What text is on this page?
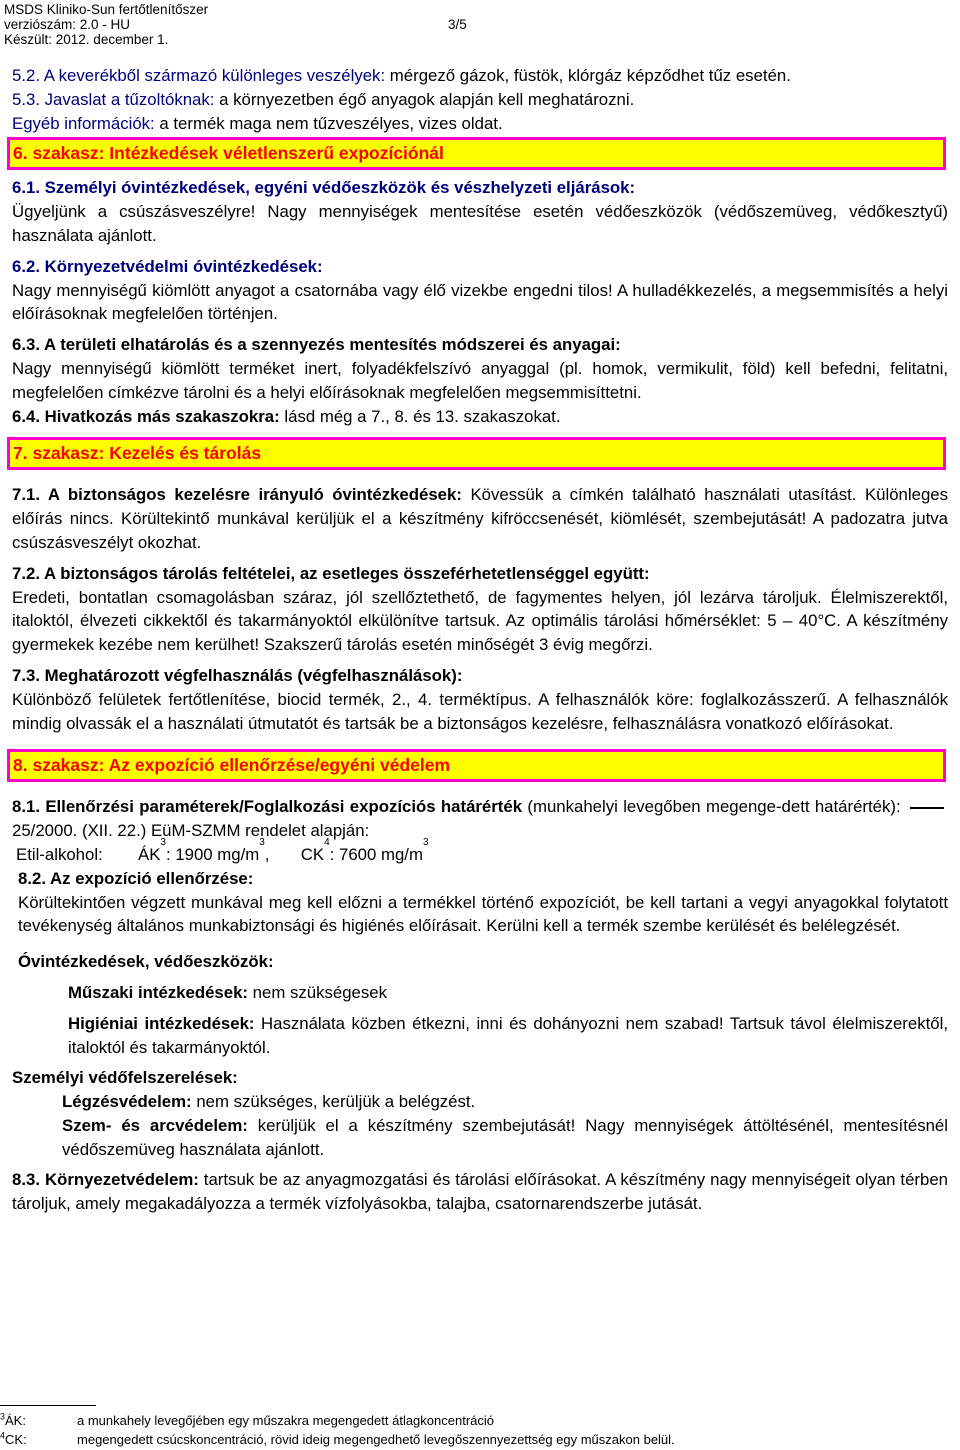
MSDS Kliniko-Sun fertőtlenítőszer
verziószám: 2.0 - HU
Készült: 2012. december 1.
3/5

5.2. A keverékből származó különleges veszélyek: mérgező gázok, füstök, klórgáz képződhet tűz esetén.

5.3. Javaslat a tűzoltóknak: a környezetben égő anyagok alapján kell meghatározni.

Egyéb információk: a termék maga nem tűzveszélyes, vizes oldat.

6. szakasz: Intézkedések véletlenszerű expozíciónál

6.1. Személyi óvintézkedések, egyéni védőeszközök és vészhelyzeti eljárások:

Ügyeljünk a csúszásveszélyre! Nagy mennyiségek mentesítése esetén védőeszközök (védőszemüveg, védőkesztyű) használata ajánlott.

6.2. Környezetvédelmi óvintézkedések:

Nagy mennyiségű kiömlött anyagot a csatornába vagy élő vizekbe engedni tilos! A hulladékkezelés, a megsemmisítés a helyi előírásoknak megfelelően történjen.

6.3. A területi elhatárolás és a szennyezés mentesítés módszerei és anyagai:

Nagy mennyiségű kiömlött terméket inert, folyadékfelszívó anyaggal (pl. homok, vermikulit, föld) kell befedni, felitatni, megfelelően címkézve tárolni és a helyi előírásoknak megfelelően megsemmisíttetni.

6.4. Hivatkozás más szakaszokra: lásd még a 7., 8. és 13. szakaszokat.

7. szakasz: Kezelés és tárolás

7.1. A biztonságos kezelésre irányuló óvintézkedések: Kövessük a címkén található használati utasítást. Különleges előírás nincs. Körültekintő munkával kerüljük el a készítmény kifröccsenését, kiömlését, szembejutását! A padozatra jutva csúszásveszélyt okozhat.

7.2. A biztonságos tárolás feltételei, az esetleges összeférhetetlenséggel együtt:

Eredeti, bontatlan csomagolásban száraz, jól szellőztethető, de fagymentes helyen, jól lezárva tároljuk. Élelmiszerektől, italoktól, élvezeti cikkektől és takarmányoktól elkülönítve tartsuk. Az optimális tárolási hőmérséklet: 5 – 40°C. A készítmény gyermekek kezébe nem kerülhet! Szakszerű tárolás esetén minőségét 3 évig megőrzi.

7.3. Meghatározott végfelhasználás (végfelhasználások):

Különböző felületek fertőtlenítése, biocid termék, 2., 4. terméktípus. A felhasználók köre: foglalkozásszerű. A felhasználók mindig olvassák el a használati útmutatót és tartsák be a biztonságos kezelésre, felhasználásra vonatkozó előírásokat.

8. szakasz: Az expozíció ellenőrzése/egyéni védelem

8.1. Ellenőrzési paraméterek/Foglalkozási expozíciós határérték (munkahelyi levegőben megenge-dett határérték):  25/2000. (XII. 22.) EüM-SZMM rendelet alapján:

Etil-alkohol:	ÁK
3
: 1900 mg/m
3
,	CK
4
: 7600 mg/m
3

8.2. Az expozíció ellenőrzése:

Körültekintően végzett munkával meg kell előzni a termékkel történő expozíciót, be kell tartani a vegyi anyagokkal folytatott tevékenység általános munkabiztonsági és higiénés előírásait. Kerülni kell a termék szembe kerülését és belélegzését.

Óvintézkedések, védőeszközök:

Műszaki intézkedések: nem szükségesek

Higiéniai intézkedések: Használata közben étkezni, inni és dohányozni nem szabad! Tartsuk távol élelmiszerektől, italoktól és takarmányoktól.

Személyi védőfelszerelések:

Légzésvédelem: nem szükséges, kerüljük a belégzést.

Szem- és arcvédelem: kerüljük el a készítmény szembejutását! Nagy mennyiségek áttöltésénél, mentesítésnél védőszemüveg használata ajánlott.

8.3. Környezetvédelem: tartsuk be az anyagmozgatási és tárolási előírásokat. A készítmény nagy mennyiségeit olyan térben tároljuk, amely megakadályozza a termék vízfolyásokba, talajba, csatornarendszerbe jutását.

$^3$ÁK:	a munkahely levegőjében egy műszakra megengedett átlagkoncentráció
$^4$CK:	megengedett csúcskoncentráció, rövid ideig megengedhető levegőszennyezettség egy műszakon belül.
